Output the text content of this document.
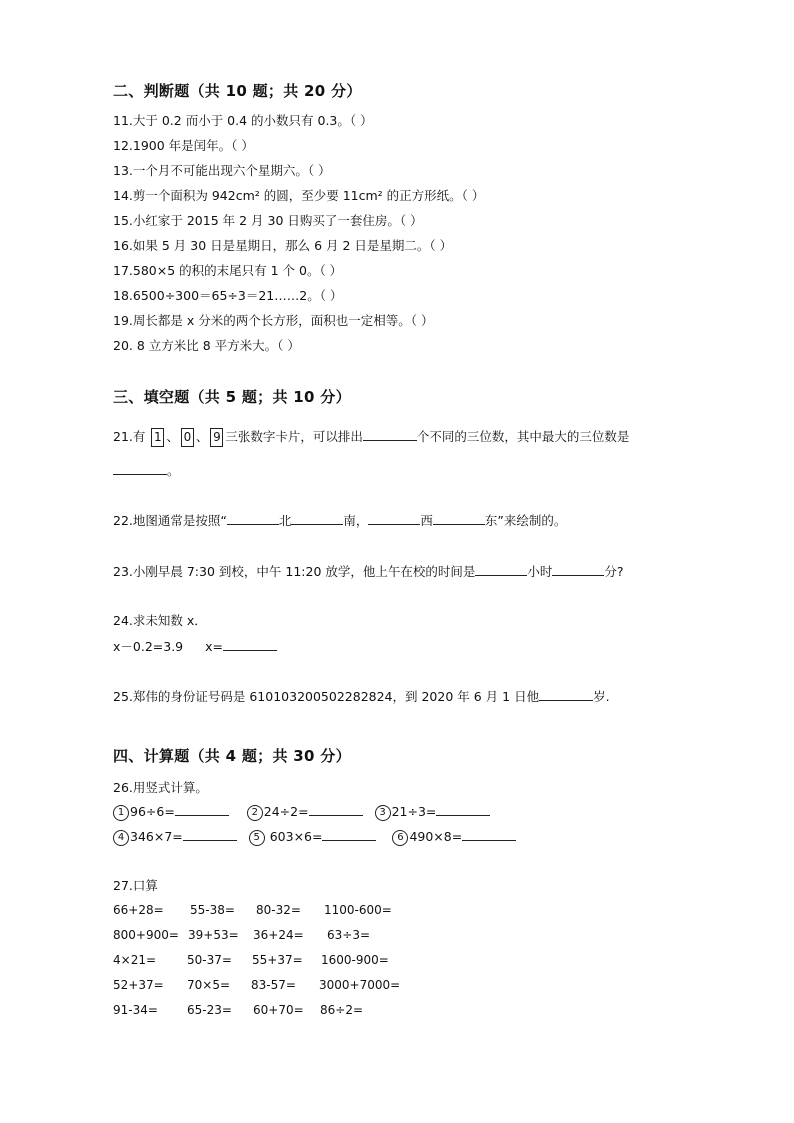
二、判断题（共 10 题；共 20 分）
11.大于 0.2 而小于 0.4 的小数只有 0.3。（ ）
12.1900 年是闰年。（ ）
13.一个月不可能出现六个星期六。（ ）
14.剪一个面积为 942cm² 的圆，至少要 11cm² 的正方形纸。（ ）
15.小红家于 2015 年 2 月 30 日购买了一套住房。（ ）
16.如果 5 月 30 日是星期日，那么 6 月 2 日是星期二。（ ）
17.580×5 的积的末尾只有 1 个 0。（ ）
18.6500÷300＝65÷3＝21……2。（ ）
19.周长都是 x 分米的两个长方形，面积也一定相等。（ ）
20. 8 立方米比 8 平方米大。（ ）
三、填空题（共 5 题；共 10 分）
21.有 1 、 0 、 9 三张数字卡片，可以排出	个不同的三位数，其中最大的三位数是
。
22.地图通常是按照“	北	南，	西	东”来绘制的。
23.小刚早晨 7:30 到校，中午 11:20 放学，他上午在校的时间是	小时	分?
24.求未知数 x．
x－0.2=3.9 x=
25.郑伟的身份证号码是 610103200502282824，到 2020 年 6 月 1 日他	岁.
四、计算题（共 4 题；共 30 分）
26.用竖式计算。
1 96÷6=	2 24÷2=	3 21÷3=
4 346×7=	5 603×6=	6 490×8=
27.口算
66+28= 55-38= 80-32= 1100-600=
800+900= 39+53= 36+24= 63÷3=
4×21=	50-37= 55+37= 1600-900=
52+37= 70×5= 83-57= 3000+7000=
91-34= 65-23= 60+70= 86÷2=
